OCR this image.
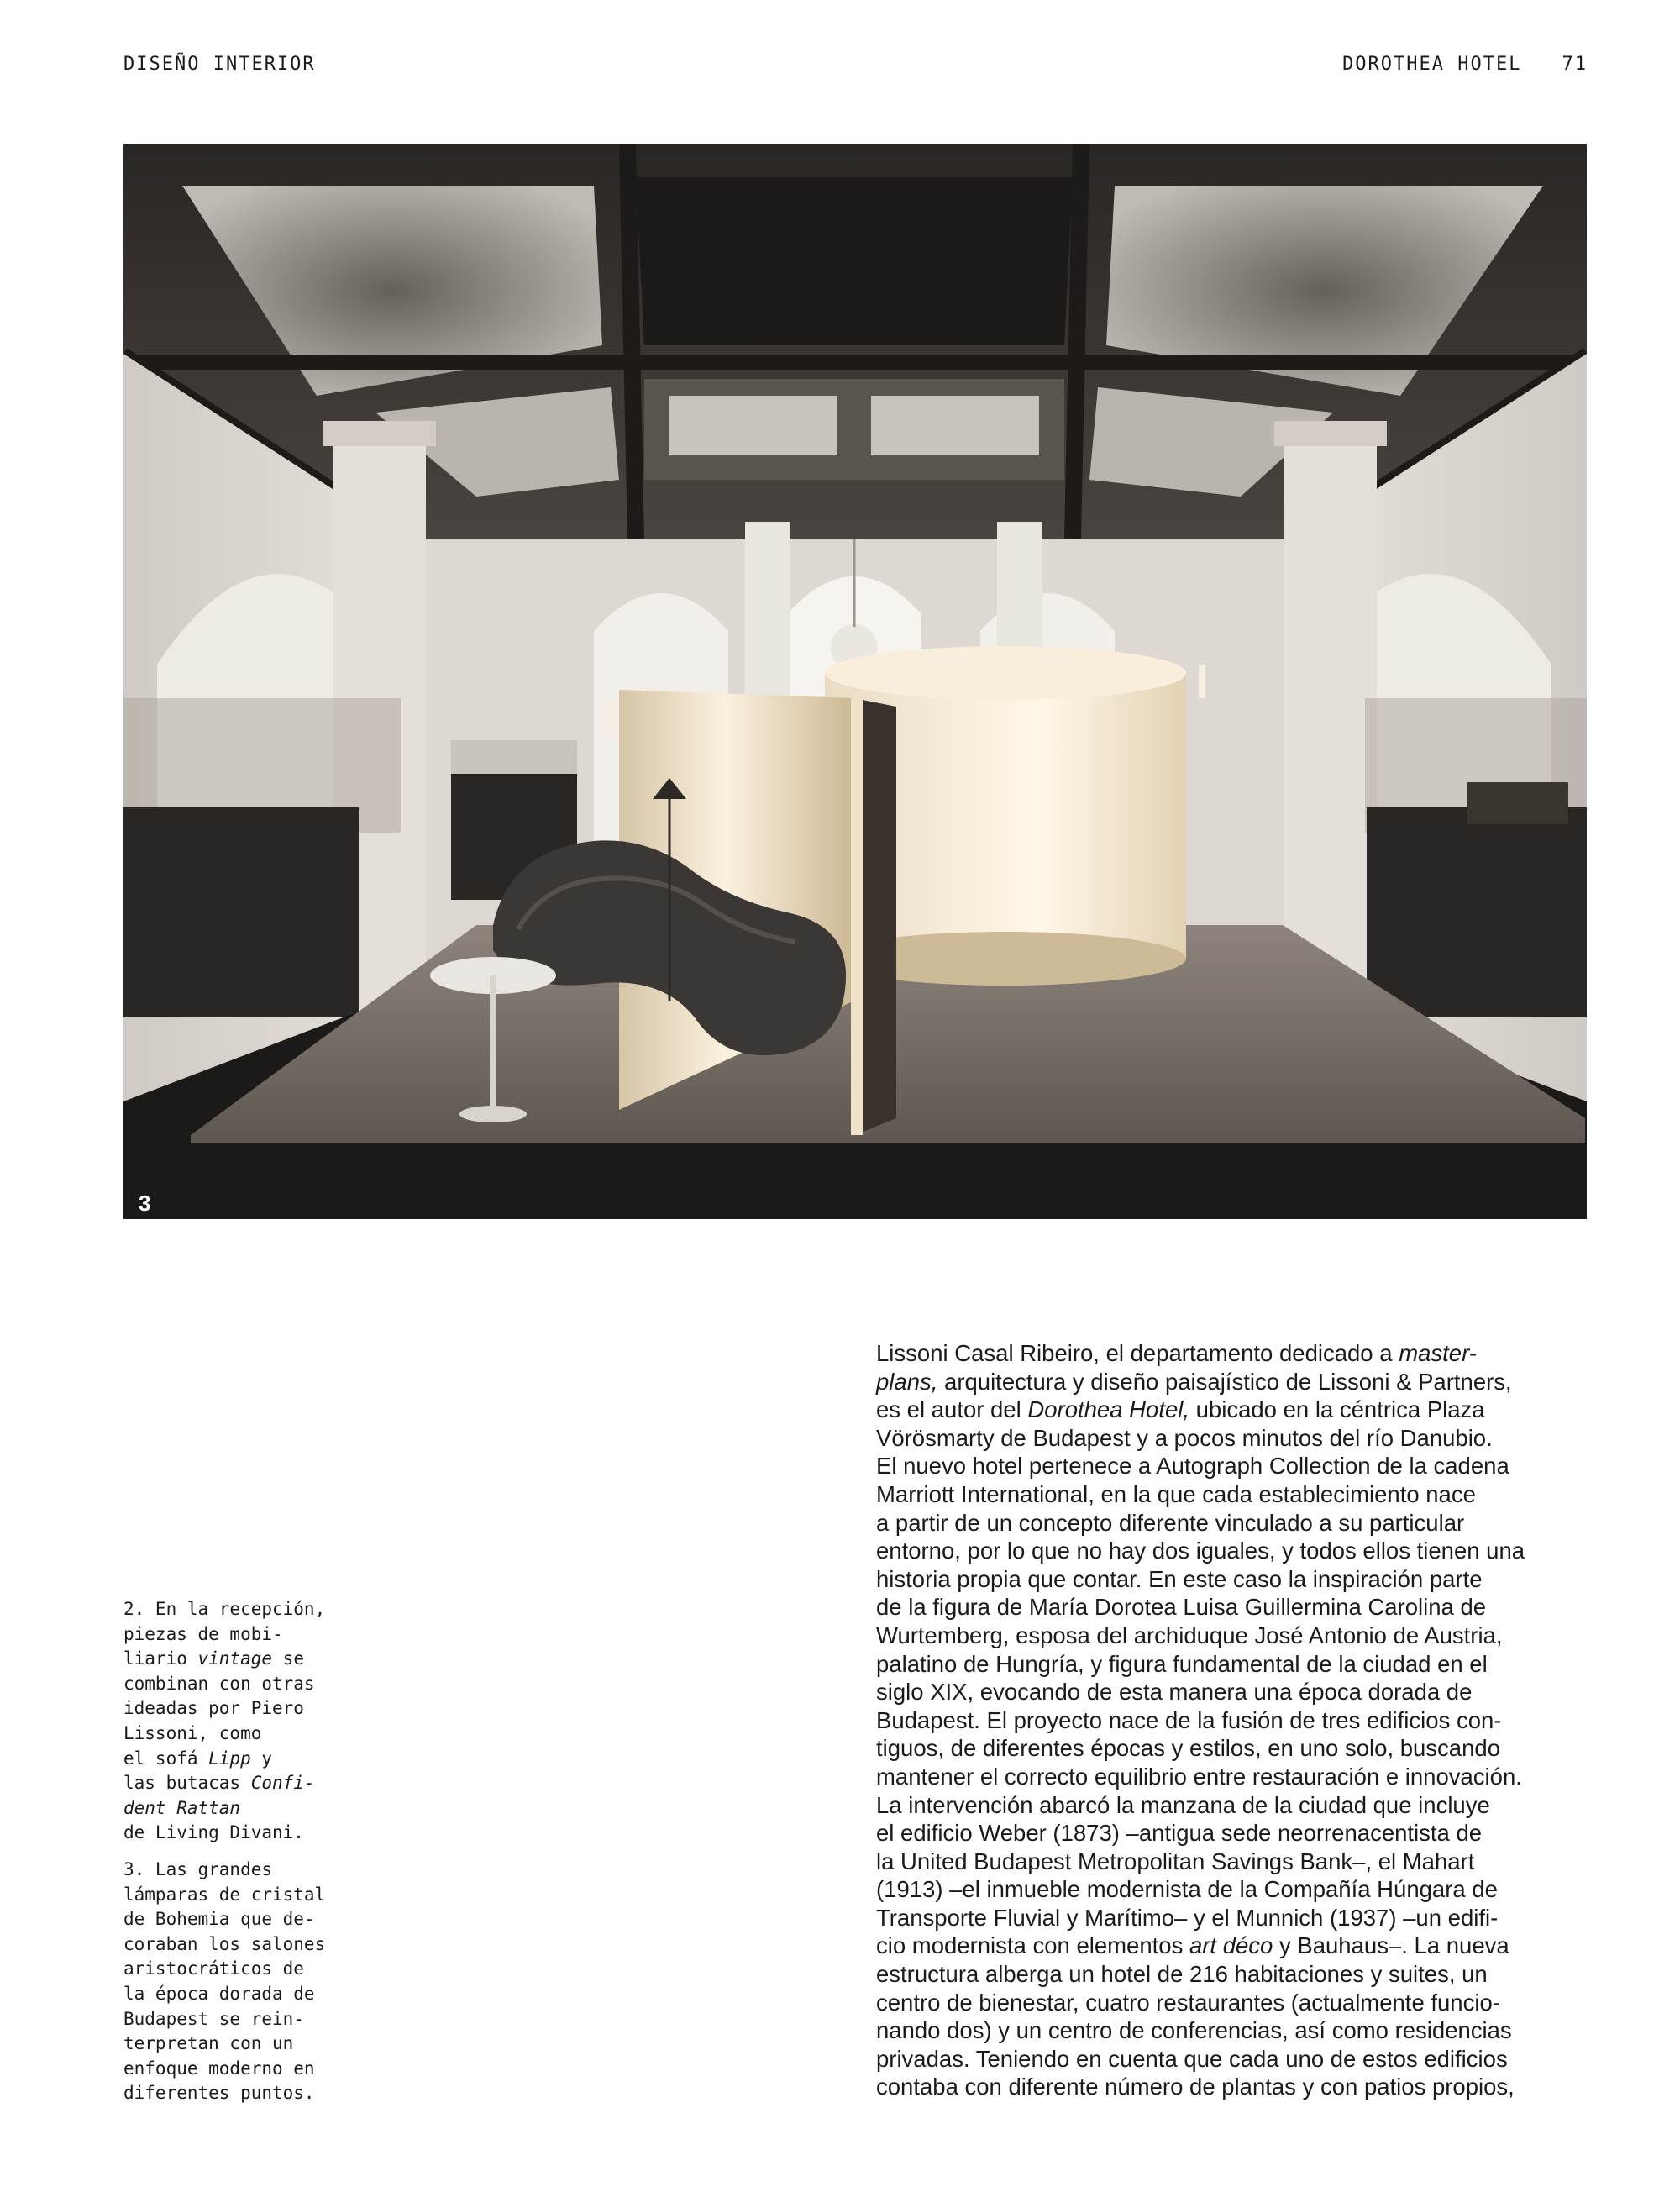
DISEÑO INTERIOR	DOROTHEA HOTEL 71
3

2. En la recepción,
piezas de mobi-
liario vintage se
combinan con otras
ideadas por Piero
Lissoni, como
el sofá Lipp y
las butacas Confi-
dent Rattan
de Living Divani.

3. Las grandes
lámparas de cristal
de Bohemia que de-
coraban los salones
aristocráticos de
la época dorada de
Budapest se rein-
terpretan con un
enfoque moderno en
diferentes puntos.

Lissoni Casal Ribeiro, el departamento dedicado a master-
plans, arquitectura y diseño paisajístico de Lissoni & Partners,
es el autor del Dorothea Hotel, ubicado en la céntrica Plaza
Vörösmarty de Budapest y a pocos minutos del río Danubio.
El nuevo hotel pertenece a Autograph Collection de la cadena
Marriott International, en la que cada establecimiento nace
a partir de un concepto diferente vinculado a su particular
entorno, por lo que no hay dos iguales, y todos ellos tienen una
historia propia que contar. En este caso la inspiración parte
de la figura de María Dorotea Luisa Guillermina Carolina de
Wurtemberg, esposa del archiduque José Antonio de Austria,
palatino de Hungría, y figura fundamental de la ciudad en el
siglo XIX, evocando de esta manera una época dorada de
Budapest. El proyecto nace de la fusión de tres edificios con-
tiguos, de diferentes épocas y estilos, en uno solo, buscando
mantener el correcto equilibrio entre restauración e innovación.
La intervención abarcó la manzana de la ciudad que incluye
el edificio Weber (1873) –antigua sede neorrenacentista de
la United Budapest Metropolitan Savings Bank–, el Mahart
(1913) –el inmueble modernista de la Compañía Húngara de
Transporte Fluvial y Marítimo– y el Munnich (1937) –un edifi-
cio modernista con elementos art déco y Bauhaus–. La nueva
estructura alberga un hotel de 216 habitaciones y suites, un
centro de bienestar, cuatro restaurantes (actualmente funcio-
nando dos) y un centro de conferencias, así como residencias
privadas. Teniendo en cuenta que cada uno de estos edificios
contaba con diferente número de plantas y con patios propios,
